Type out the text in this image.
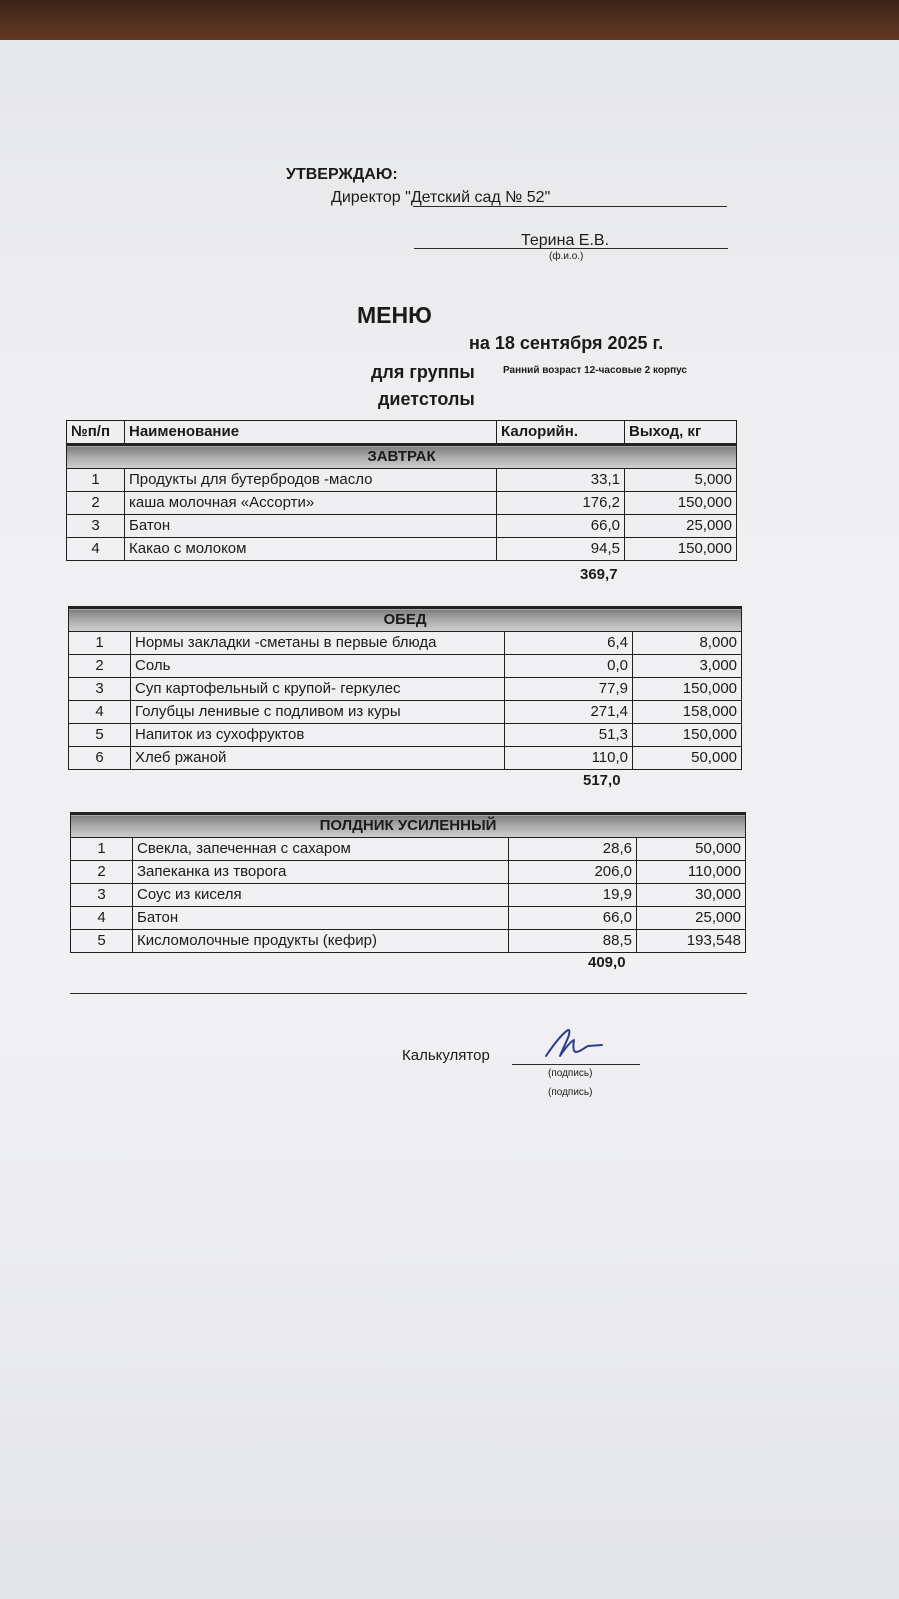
УТВЕРЖДАЮ:
Директор "Детский сад № 52"
Терина Е.В.
(ф.и.о.)
МЕНЮ
на 18 сентября 2025 г.
для группы	Ранний возраст 12-часовые 2 корпус
диетстолы
№п/п	Наименование	Калорийн.	Выход, кг
ЗАВТРАК			
1	Продукты для бутербродов -масло	33,1	5,000
2	каша молочная «Ассорти»	176,2	150,000
3	Батон	66,0	25,000
4	Какао с молоком	94,5	150,000
369,7
ОБЕД			
1	Нормы закладки -сметаны в первые блюда	6,4	8,000
2	Соль	0,0	3,000
3	Суп картофельный с крупой- геркулес	77,9	150,000
4	Голубцы ленивые с подливом из куры	271,4	158,000
5	Напиток из сухофруктов	51,3	150,000
6	Хлеб ржаной	110,0	50,000
517,0
ПОЛДНИК УСИЛЕННЫЙ			
1	Свекла, запеченная с сахаром	28,6	50,000
2	Запеканка из творога	206,0	110,000
3	Соус из киселя	19,9	30,000
4	Батон	66,0	25,000
5	Кисломолочные продукты (кефир)	88,5	193,548
409,0
Калькулятор
(подпись)
(подпись)
